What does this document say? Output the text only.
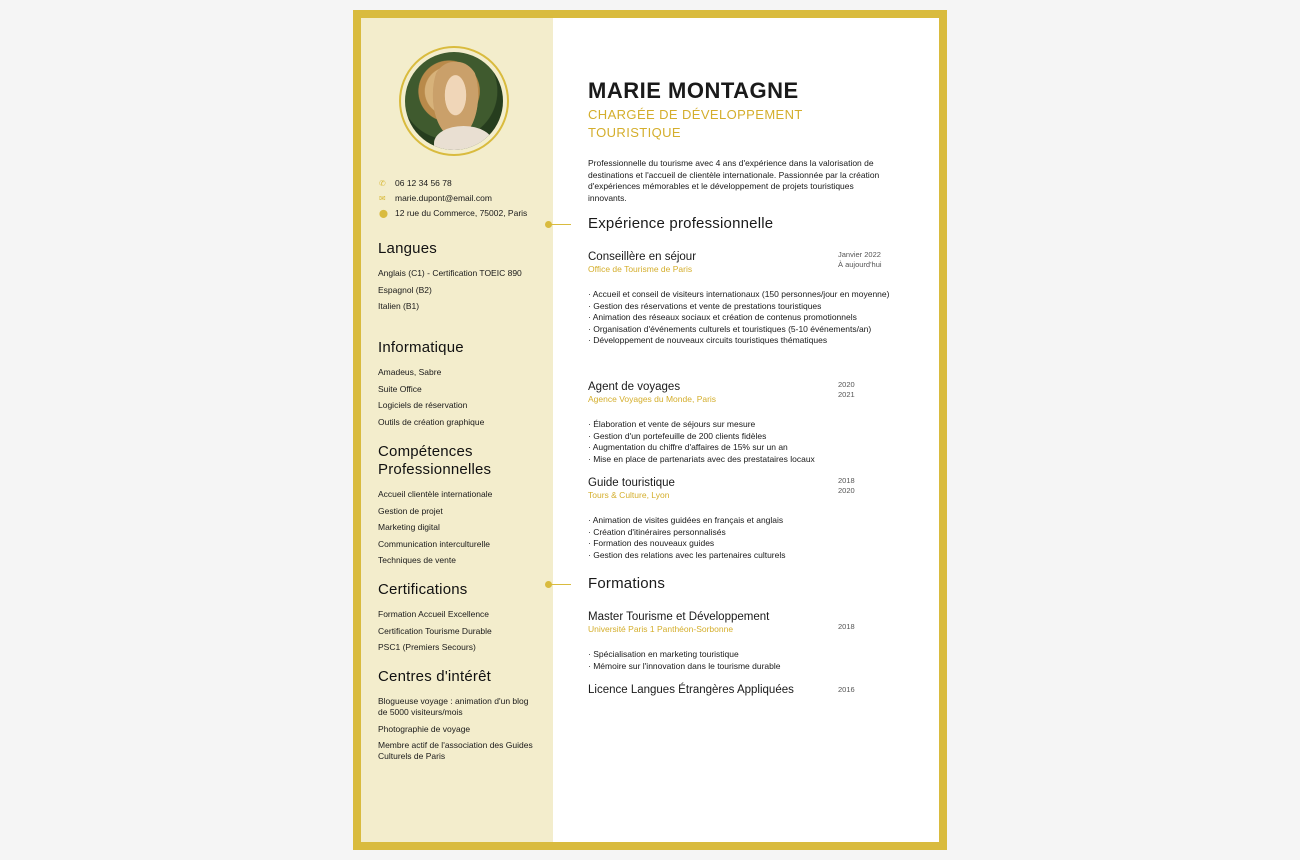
✆	06 12 34 56 78
✉	marie.dupont@email.com
⬤ 12 rue du Commerce, 75002, Paris
Langues
Anglais (C1) - Certification TOEIC 890
Espagnol (B2)
Italien (B1)
Informatique
Amadeus, Sabre
Suite Office
Logiciels de réservation
Outils de création graphique
Compétences Professionnelles
Accueil clientèle internationale
Gestion de projet
Marketing digital
Communication interculturelle
Techniques de vente
Certifications
Formation Accueil Excellence
Certification Tourisme Durable
PSC1 (Premiers Secours)
Centres d'intérêt
Blogueuse voyage : animation d'un blog de 5000 visiteurs/mois
Photographie de voyage
Membre actif de l'association des Guides Culturels de Paris
MARIE MONTAGNE
CHARGÉE DE DÉVELOPPEMENT TOURISTIQUE
Professionnelle du tourisme avec 4 ans d'expérience dans la valorisation de destinations et l'accueil de clientèle internationale. Passionnée par la création d'expériences mémorables et le développement de projets touristiques innovants.
Expérience professionnelle
Conseillère en séjour
Office de Tourisme de Paris
Janvier 2022
À aujourd'hui
· Accueil et conseil de visiteurs internationaux (150 personnes/jour en moyenne)
· Gestion des réservations et vente de prestations touristiques
· Animation des réseaux sociaux et création de contenus promotionnels
· Organisation d'événements culturels et touristiques (5-10 événements/an)
· Développement de nouveaux circuits touristiques thématiques
Agent de voyages
Agence Voyages du Monde, Paris
2020
2021
· Élaboration et vente de séjours sur mesure
· Gestion d'un portefeuille de 200 clients fidèles
· Augmentation du chiffre d'affaires de 15% sur un an
· Mise en place de partenariats avec des prestataires locaux
Guide touristique
Tours & Culture, Lyon
2018
2020
· Animation de visites guidées en français et anglais
· Création d'itinéraires personnalisés
· Formation des nouveaux guides
· Gestion des relations avec les partenaires culturels
Formations
Master Tourisme et Développement
Université Paris 1 Panthéon-Sorbonne	2018
· Spécialisation en marketing touristique
· Mémoire sur l'innovation dans le tourisme durable
Licence Langues Étrangères Appliquées	2016
